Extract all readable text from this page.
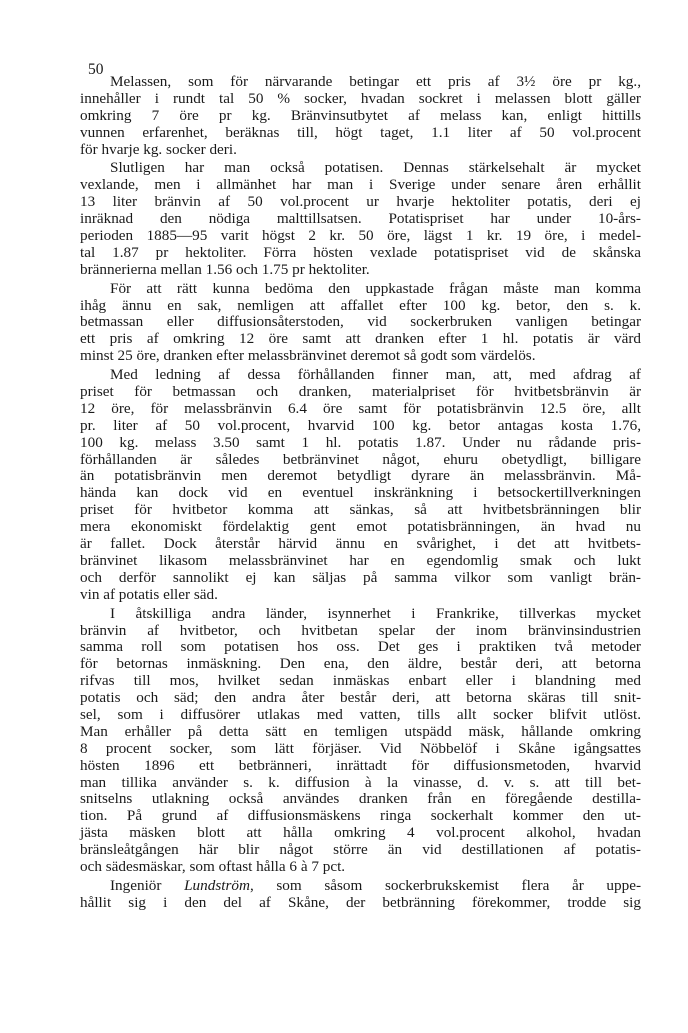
50
Melassen, som för närvarande betingar ett pris af 3½ öre pr kg.,
innehåller i rundt tal 50 % socker, hvadan sockret i melassen blott gäller
omkring 7 öre pr kg. Bränvinsutbytet af melass kan, enligt hittills
vunnen erfarenhet, beräknas till, högt taget, 1.1 liter af 50 vol.procent
för hvarje kg. socker deri.
Slutligen har man också potatisen. Dennas stärkelsehalt är mycket
vexlande, men i allmänhet har man i Sverige under senare åren erhållit
13 liter bränvin af 50 vol.procent ur hvarje hektoliter potatis, deri ej
inräknad den nödiga malttillsatsen. Potatispriset har under 10-års-
perioden 1885—95 varit högst 2 kr. 50 öre, lägst 1 kr. 19 öre, i medel-
tal 1.87 pr hektoliter. Förra hösten vexlade potatispriset vid de skånska
brännerierna mellan 1.56 och 1.75 pr hektoliter.
För att rätt kunna bedöma den uppkastade frågan måste man komma
ihåg ännu en sak, nemligen att affallet efter 100 kg. betor, den s. k.
betmassan eller diffusionsåterstoden, vid sockerbruken vanligen betingar
ett pris af omkring 12 öre samt att dranken efter 1 hl. potatis är värd
minst 25 öre, dranken efter melassbränvinet deremot så godt som värdelös.
Med ledning af dessa förhållanden finner man, att, med afdrag af
priset för betmassan och dranken, materialpriset för hvitbetsbränvin är
12 öre, för melassbränvin 6.4 öre samt för potatisbränvin 12.5 öre, allt
pr. liter af 50 vol.procent, hvarvid 100 kg. betor antagas kosta 1.76,
100 kg. melass 3.50 samt 1 hl. potatis 1.87. Under nu rådande pris-
förhållanden är således betbränvinet något, ehuru obetydligt, billigare
än potatisbränvin men deremot betydligt dyrare än melassbränvin. Må-
hända kan dock vid en eventuel inskränkning i betsockertillverkningen
priset för hvitbetor komma att sänkas, så att hvitbetsbränningen blir
mera ekonomiskt fördelaktig gent emot potatisbränningen, än hvad nu
är fallet. Dock återstår härvid ännu en svårighet, i det att hvitbets-
bränvinet likasom melassbränvinet har en egendomlig smak och lukt
och derför sannolikt ej kan säljas på samma vilkor som vanligt brän-
vin af potatis eller säd.
I åtskilliga andra länder, isynnerhet i Frankrike, tillverkas mycket
bränvin af hvitbetor, och hvitbetan spelar der inom bränvinsindustrien
samma roll som potatisen hos oss. Det ges i praktiken två metoder
för betornas inmäskning. Den ena, den äldre, består deri, att betorna
rifvas till mos, hvilket sedan inmäskas enbart eller i blandning med
potatis och säd; den andra åter består deri, att betorna skäras till snit-
sel, som i diffusörer utlakas med vatten, tills allt socker blifvit utlöst.
Man erhåller på detta sätt en temligen utspädd mäsk, hållande omkring
8 procent socker, som lätt förjäser. Vid Nöbbelöf i Skåne igångsattes
hösten 1896 ett betbränneri, inrättadt för diffusionsmetoden, hvarvid
man tillika använder s. k. diffusion à la vinasse, d. v. s. att till bet-
snitselns utlakning också användes dranken från en föregående destilla-
tion. På grund af diffusionsmäskens ringa sockerhalt kommer den ut-
jästa mäsken blott att hålla omkring 4 vol.procent alkohol, hvadan
bränsleåtgången här blir något större än vid destillationen af potatis-
och sädesmäskar, som oftast hålla 6 à 7 pct.
Ingeniör Lundström, som såsom sockerbrukskemist flera år uppe-
hållit sig i den del af Skåne, der betbränning förekommer, trodde sig
